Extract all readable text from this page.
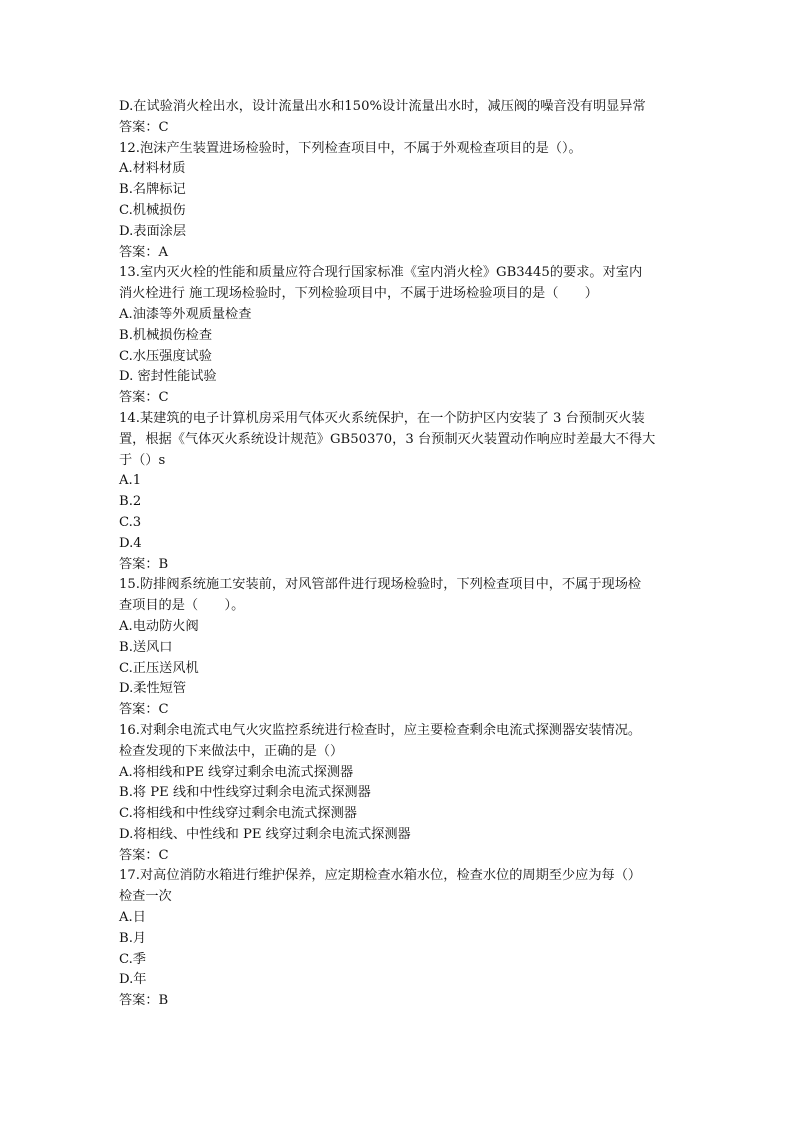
D.在试验消火栓出水，设计流量出水和150%设计流量出水时，减压阀的噪音没有明显异常
答案：C
12.泡沫产生装置进场检验时，下列检查项目中，不属于外观检查项目的是（）。
A.材料材质
B.名牌标记
C.机械损伤
D.表面涂层
答案：A
13.室内灭火栓的性能和质量应符合现行国家标准《室内消火栓》GB3445的要求。对室内
消火栓进行 施工现场检验时，下列检验项目中，不属于进场检验项目的是（　　）
A.油漆等外观质量检查
B.机械损伤检查
C.水压强度试验
D. 密封性能试验
答案：C
14.某建筑的电子计算机房采用气体灭火系统保护，在一个防护区内安装了 3 台预制灭火装
置，根据《气体灭火系统设计规范》GB50370，3 台预制灭火装置动作响应时差最大不得大
于（）s
A.1
B.2
C.3
D.4
答案：B
15.防排阀系统施工安装前，对风管部件进行现场检验时，下列检查项目中，不属于现场检
查项目的是（　　）。
A.电动防火阀
B.送风口
C.正压送风机
D.柔性短管
答案：C
16.对剩余电流式电气火灾监控系统进行检查时，应主要检查剩余电流式探测器安装情况。
检查发现的下来做法中，正确的是（）
A.将相线和PE 线穿过剩余电流式探测器
B.将 PE 线和中性线穿过剩余电流式探测器
C.将相线和中性线穿过剩余电流式探测器
D.将相线、中性线和 PE 线穿过剩余电流式探测器
答案：C
17.对高位消防水箱进行维护保养，应定期检查水箱水位，检查水位的周期至少应为每（）
检查一次
A.日
B.月
C.季
D.年
答案：B
